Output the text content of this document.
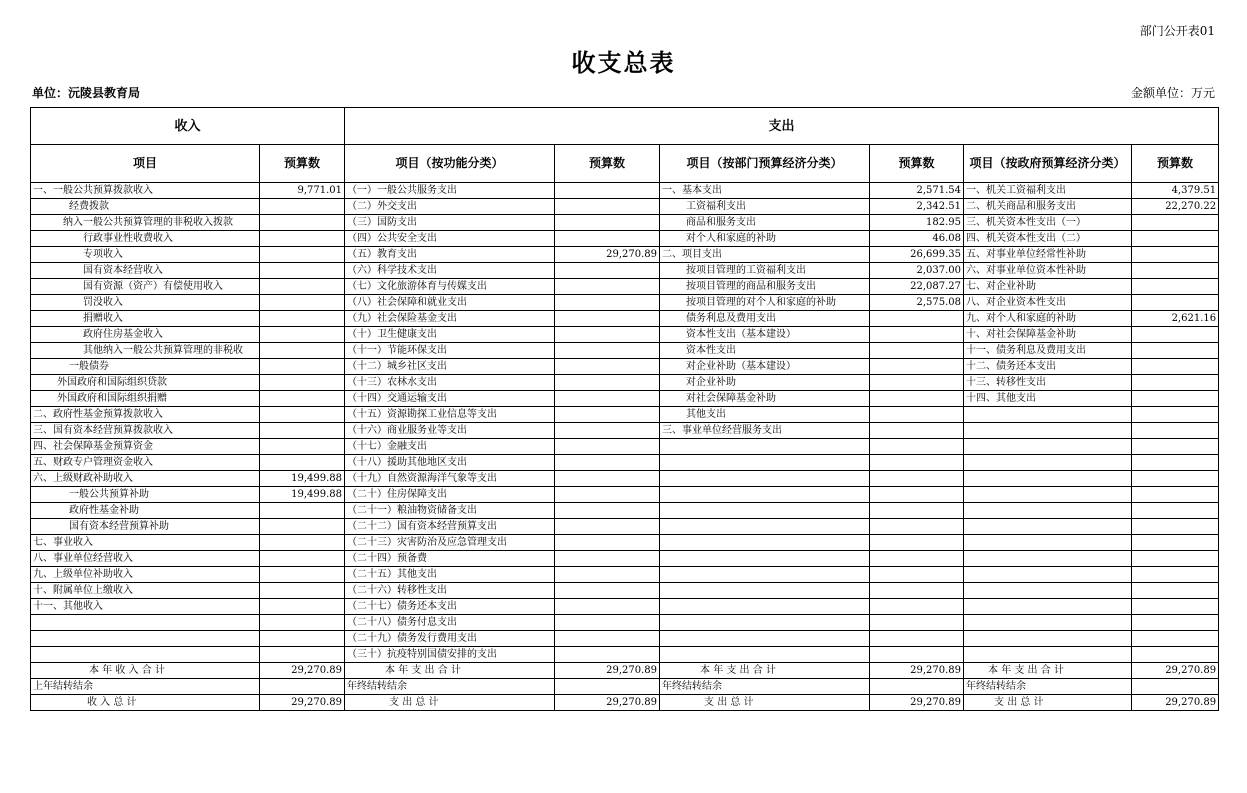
部门公开表01
收支总表
单位：沅陵县教育局	金额单位：万元
收入		支出					
项目	预算数	项目（按功能分类）	预算数	项目（按部门预算经济分类）	预算数	项目（按政府预算经济分类）	预算数
一、一般公共预算拨款收入	9,771.01	（一）一般公共服务支出		一、基本支出	2,571.54	一、机关工资福利支出	4,379.51
经费拨款		（二）外交支出		工资福利支出	2,342.51	二、机关商品和服务支出	22,270.22
纳入一般公共预算管理的非税收入拨款		（三）国防支出		商品和服务支出	182.95	三、机关资本性支出（一）	
行政事业性收费收入		（四）公共安全支出		对个人和家庭的补助	46.08	四、机关资本性支出（二）	
专项收入		（五）教育支出	29,270.89	二、项目支出	26,699.35	五、对事业单位经常性补助	
国有资本经营收入		（六）科学技术支出		按项目管理的工资福利支出	2,037.00	六、对事业单位资本性补助	
国有资源（资产）有偿使用收入		（七）文化旅游体育与传媒支出		按项目管理的商品和服务支出	22,087.27	七、对企业补助	
罚没收入		（八）社会保障和就业支出		按项目管理的对个人和家庭的补助	2,575.08	八、对企业资本性支出	
捐赠收入		（九）社会保险基金支出		债务利息及费用支出		九、对个人和家庭的补助	2,621.16
政府住房基金收入		（十）卫生健康支出		资本性支出（基本建设）		十、对社会保障基金补助	
其他纳入一般公共预算管理的非税收		（十一）节能环保支出		资本性支出		十一、债务利息及费用支出	
一般债券		（十二）城乡社区支出		对企业补助（基本建设）		十二、债务还本支出	
外国政府和国际组织贷款		（十三）农林水支出		对企业补助		十三、转移性支出	
外国政府和国际组织捐赠		（十四）交通运输支出		对社会保障基金补助		十四、其他支出	
二、政府性基金预算拨款收入		（十五）资源勘探工业信息等支出		其他支出			
三、国有资本经营预算拨款收入		（十六）商业服务业等支出		三、事业单位经营服务支出			
四、社会保障基金预算资金		（十七）金融支出					
五、财政专户管理资金收入		（十八）援助其他地区支出					
六、上级财政补助收入	19,499.88	（十九）自然资源海洋气象等支出					
一般公共预算补助	19,499.88	（二十）住房保障支出					
政府性基金补助		（二十一）粮油物资储备支出					
国有资本经营预算补助		（二十二）国有资本经营预算支出					
七、事业收入		（二十三）灾害防治及应急管理支出					
八、事业单位经营收入		（二十四）预备费					
九、上级单位补助收入		（二十五）其他支出					
十、附属单位上缴收入		（二十六）转移性支出					
十一、其他收入		（二十七）债务还本支出					
		（二十八）债务付息支出					
		（二十九）债务发行费用支出					
		（三十）抗疫特别国债安排的支出					
本 年 收 入 合 计	29,270.89	本 年 支 出 合 计	29,270.89	本 年 支 出 合 计	29,270.89	本 年 支 出 合 计	29,270.89
上年结转结余		年终结转结余		年终结转结余		年终结转结余	
收 入 总 计	29,270.89	支 出 总 计	29,270.89	支 出 总 计	29,270.89	支 出 总 计	29,270.89
